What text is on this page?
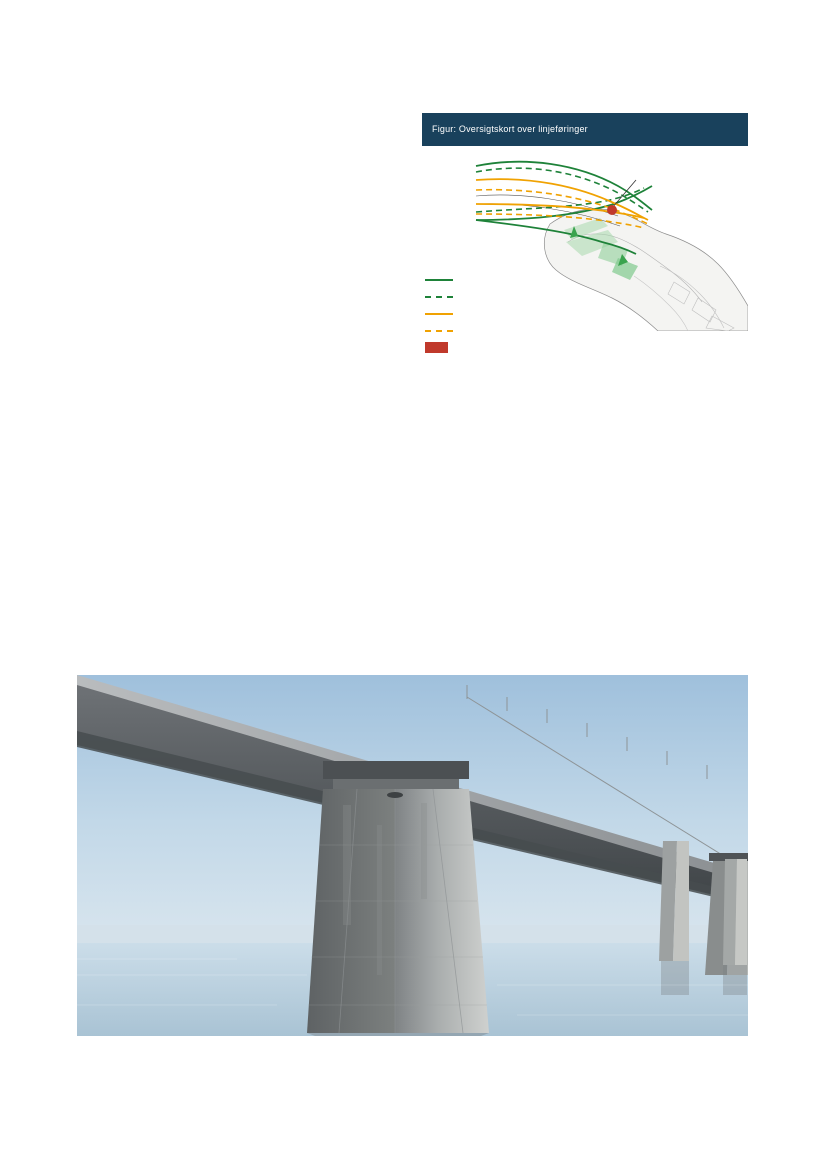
Figur: Oversigtskort over linjeføringer
